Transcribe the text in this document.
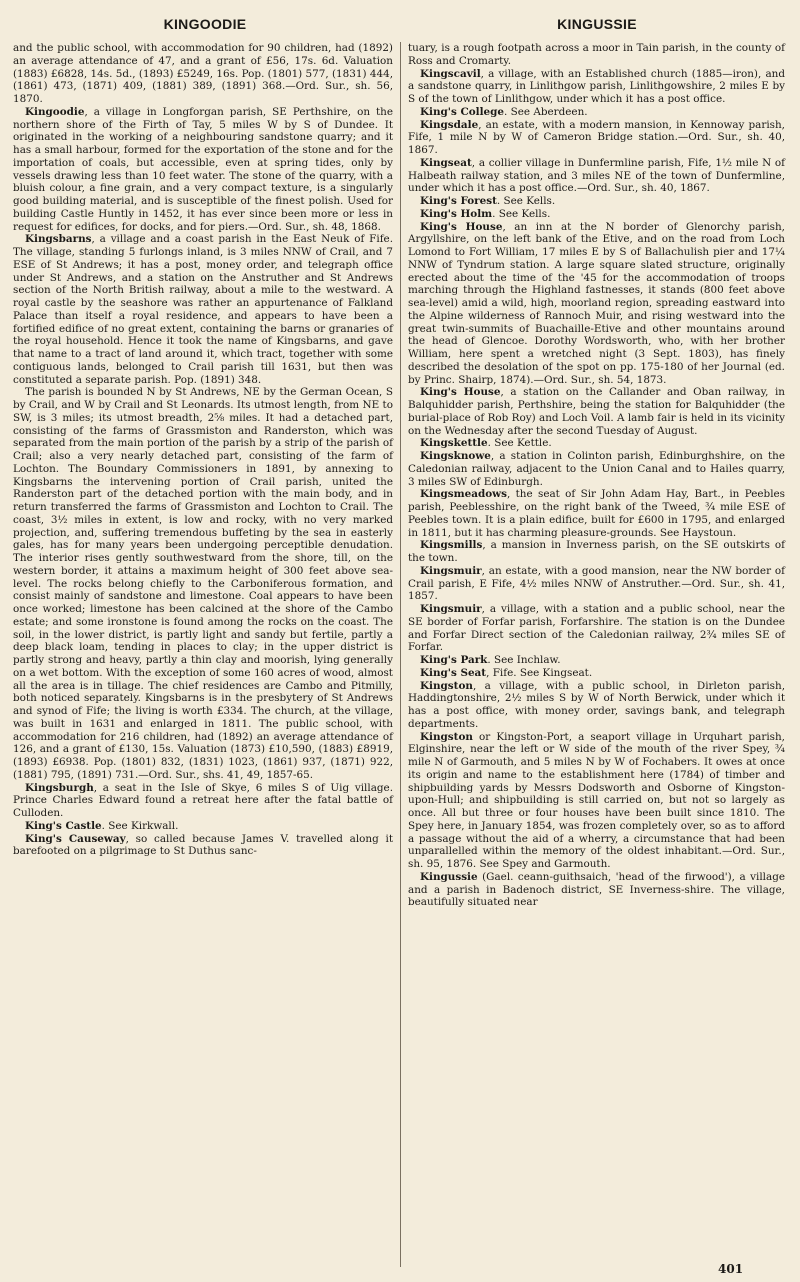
KINGOODIE	KINGUSSIE

and the public school, with accommodation for 90 children, had (1892) an average attendance of 47, and a grant of £56, 17s. 6d. Valuation (1883) £6828, 14s. 5d., (1893) £5249, 16s. Pop. (1801) 577, (1831) 444, (1861) 473, (1871) 409, (1881) 389, (1891) 368.—Ord. Sur., sh. 56, 1870.

Kingoodie, a village in Longforgan parish, SE Perthshire, on the northern shore of the Firth of Tay, 5 miles W by S of Dundee. It originated in the working of a neighbouring sandstone quarry; and it has a small harbour, formed for the exportation of the stone and for the importation of coals, but accessible, even at spring tides, only by vessels drawing less than 10 feet water. The stone of the quarry, with a bluish colour, a fine grain, and a very compact texture, is a singularly good building material, and is susceptible of the finest polish. Used for building Castle Huntly in 1452, it has ever since been more or less in request for edifices, for docks, and for piers.—Ord. Sur., sh. 48, 1868.

Kingsbarns, a village and a coast parish in the East Neuk of Fife. The village, standing 5 furlongs inland, is 3 miles NNW of Crail, and 7 ESE of St Andrews; it has a post, money order, and telegraph office under St Andrews, and a station on the Anstruther and St Andrews section of the North British railway, about a mile to the westward. A royal castle by the seashore was rather an appurtenance of Falkland Palace than itself a royal residence, and appears to have been a fortified edifice of no great extent, containing the barns or granaries of the royal household. Hence it took the name of Kingsbarns, and gave that name to a tract of land around it, which tract, together with some contiguous lands, belonged to Crail parish till 1631, but then was constituted a separate parish. Pop. (1891) 348.

The parish is bounded N by St Andrews, NE by the German Ocean, S by Crail, and W by Crail and St Leonards. Its utmost length, from NE to SW, is 3 miles; its utmost breadth, 2⅝ miles. It had a detached part, consisting of the farms of Grassmiston and Randerston, which was separated from the main portion of the parish by a strip of the parish of Crail; also a very nearly detached part, consisting of the farm of Lochton. The Boundary Commissioners in 1891, by annexing to Kingsbarns the intervening portion of Crail parish, united the Randerston part of the detached portion with the main body, and in return transferred the farms of Grassmiston and Lochton to Crail. The coast, 3½ miles in extent, is low and rocky, with no very marked projection, and, suffering tremendous buffeting by the sea in easterly gales, has for many years been undergoing perceptible denudation. The interior rises gently southwestward from the shore, till, on the western border, it attains a maximum height of 300 feet above sea-level. The rocks belong chiefly to the Carboniferous formation, and consist mainly of sandstone and limestone. Coal appears to have been once worked; limestone has been calcined at the shore of the Cambo estate; and some ironstone is found among the rocks on the coast. The soil, in the lower district, is partly light and sandy but fertile, partly a deep black loam, tending in places to clay; in the upper district is partly strong and heavy, partly a thin clay and moorish, lying generally on a wet bottom. With the exception of some 160 acres of wood, almost all the area is in tillage. The chief residences are Cambo and Pitmilly, both noticed separately. Kingsbarns is in the presbytery of St Andrews and synod of Fife; the living is worth £334. The church, at the village, was built in 1631 and enlarged in 1811. The public school, with accommodation for 216 children, had (1892) an average attendance of 126, and a grant of £130, 15s. Valuation (1873) £10,590, (1883) £8919, (1893) £6938. Pop. (1801) 832, (1831) 1023, (1861) 937, (1871) 922, (1881) 795, (1891) 731.—Ord. Sur., shs. 41, 49, 1857-65.

Kingsburgh, a seat in the Isle of Skye, 6 miles S of Uig village. Prince Charles Edward found a retreat here after the fatal battle of Culloden.

King's Castle. See Kirkwall.

King's Causeway, so called because James V. travelled along it barefooted on a pilgrimage to St Duthus sanc-

tuary, is a rough footpath across a moor in Tain parish, in the county of Ross and Cromarty.

Kingscavil, a village, with an Established church (1885—iron), and a sandstone quarry, in Linlithgow parish, Linlithgowshire, 2 miles E by S of the town of Linlithgow, under which it has a post office.

King's College. See Aberdeen.

Kingsdale, an estate, with a modern mansion, in Kennoway parish, Fife, 1 mile N by W of Cameron Bridge station.—Ord. Sur., sh. 40, 1867.

Kingseat, a collier village in Dunfermline parish, Fife, 1½ mile N of Halbeath railway station, and 3 miles NE of the town of Dunfermline, under which it has a post office.—Ord. Sur., sh. 40, 1867.

King's Forest. See Kells.

King's Holm. See Kells.

King's House, an inn at the N border of Glenorchy parish, Argyllshire, on the left bank of the Etive, and on the road from Loch Lomond to Fort William, 17 miles E by S of Ballachulish pier and 17¼ NNW of Tyndrum station. A large square slated structure, originally erected about the time of the '45 for the accommodation of troops marching through the Highland fastnesses, it stands (800 feet above sea-level) amid a wild, high, moorland region, spreading eastward into the Alpine wilderness of Rannoch Muir, and rising westward into the great twin-summits of Buachaille-Etive and other mountains around the head of Glencoe. Dorothy Wordsworth, who, with her brother William, here spent a wretched night (3 Sept. 1803), has finely described the desolation of the spot on pp. 175-180 of her Journal (ed. by Princ. Shairp, 1874).—Ord. Sur., sh. 54, 1873.

King's House, a station on the Callander and Oban railway, in Balquhidder parish, Perthshire, being the station for Balquhidder (the burial-place of Rob Roy) and Loch Voil. A lamb fair is held in its vicinity on the Wednesday after the second Tuesday of August.

Kingskettle. See Kettle.

Kingsknowe, a station in Colinton parish, Edinburghshire, on the Caledonian railway, adjacent to the Union Canal and to Hailes quarry, 3 miles SW of Edinburgh.

Kingsmeadows, the seat of Sir John Adam Hay, Bart., in Peebles parish, Peeblesshire, on the right bank of the Tweed, ¾ mile ESE of Peebles town. It is a plain edifice, built for £600 in 1795, and enlarged in 1811, but it has charming pleasure-grounds. See Haystoun.

Kingsmills, a mansion in Inverness parish, on the SE outskirts of the town.

Kingsmuir, an estate, with a good mansion, near the NW border of Crail parish, E Fife, 4½ miles NNW of Anstruther.—Ord. Sur., sh. 41, 1857.

Kingsmuir, a village, with a station and a public school, near the SE border of Forfar parish, Forfarshire. The station is on the Dundee and Forfar Direct section of the Caledonian railway, 2¾ miles SE of Forfar.

King's Park. See Inchlaw.

King's Seat, Fife. See Kingseat.

Kingston, a village, with a public school, in Dirleton parish, Haddingtonshire, 2½ miles S by W of North Berwick, under which it has a post office, with money order, savings bank, and telegraph departments.

Kingston or Kingston-Port, a seaport village in Urquhart parish, Elginshire, near the left or W side of the mouth of the river Spey, ¾ mile N of Garmouth, and 5 miles N by W of Fochabers. It owes at once its origin and name to the establishment here (1784) of timber and shipbuilding yards by Messrs Dodsworth and Osborne of Kingston-upon-Hull; and shipbuilding is still carried on, but not so largely as once. All but three or four houses have been built since 1810. The Spey here, in January 1854, was frozen completely over, so as to afford a passage without the aid of a wherry, a circumstance that had been unparallelled within the memory of the oldest inhabitant.—Ord. Sur., sh. 95, 1876. See Spey and Garmouth.

Kingussie (Gael. ceann-guithsaich, 'head of the firwood'), a village and a parish in Badenoch district, SE Inverness-shire. The village, beautifully situated near

401
